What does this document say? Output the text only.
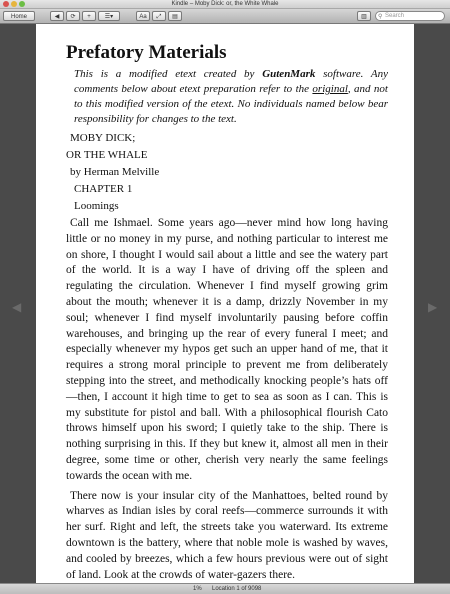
Kindle – Moby Dick: or, the White Whale
Home	◀	⟳	+	☰▾	Aa	⤢	▤	▥	⚲ Search
◀	▶
Prefatory Materials
This is a modified etext created by GutenMark software. Any comments below about etext preparation refer to the original, and not to this modified version of the etext. No individuals named below bear responsibility for changes to the text.
MOBY DICK;
OR THE WHALE
by Herman Melville
CHAPTER 1
Loomings

Call me Ishmael. Some years ago—never mind how long having little or no money in my purse, and nothing particular to interest me on shore, I thought I would sail about a little and see the watery part of the world. It is a way I have of driving off the spleen and regulating the circulation. Whenever I find myself growing grim about the mouth; whenever it is a damp, drizzly November in my soul; whenever I find myself involuntarily pausing before coffin warehouses, and bringing up the rear of every funeral I meet; and especially whenever my hypos get such an upper hand of me, that it requires a strong moral principle to prevent me from deliberately stepping into the street, and methodically knocking people’s hats off—then, I account it high time to get to sea as soon as I can. This is my substitute for pistol and ball. With a philosophical flourish Cato throws himself upon his sword; I quietly take to the ship. There is nothing surprising in this. If they but knew it, almost all men in their degree, some time or other, cherish very nearly the same feelings towards the ocean with me.

There now is your insular city of the Manhattoes, belted round by wharves as Indian isles by coral reefs—commerce surrounds it with her surf. Right and left, the streets take you waterward. Its extreme downtown is the battery, where that noble mole is washed by waves, and cooled by breezes, which a few hours previous were out of sight of land. Look at the crowds of water-gazers there.

1% Location 1 of 9098
